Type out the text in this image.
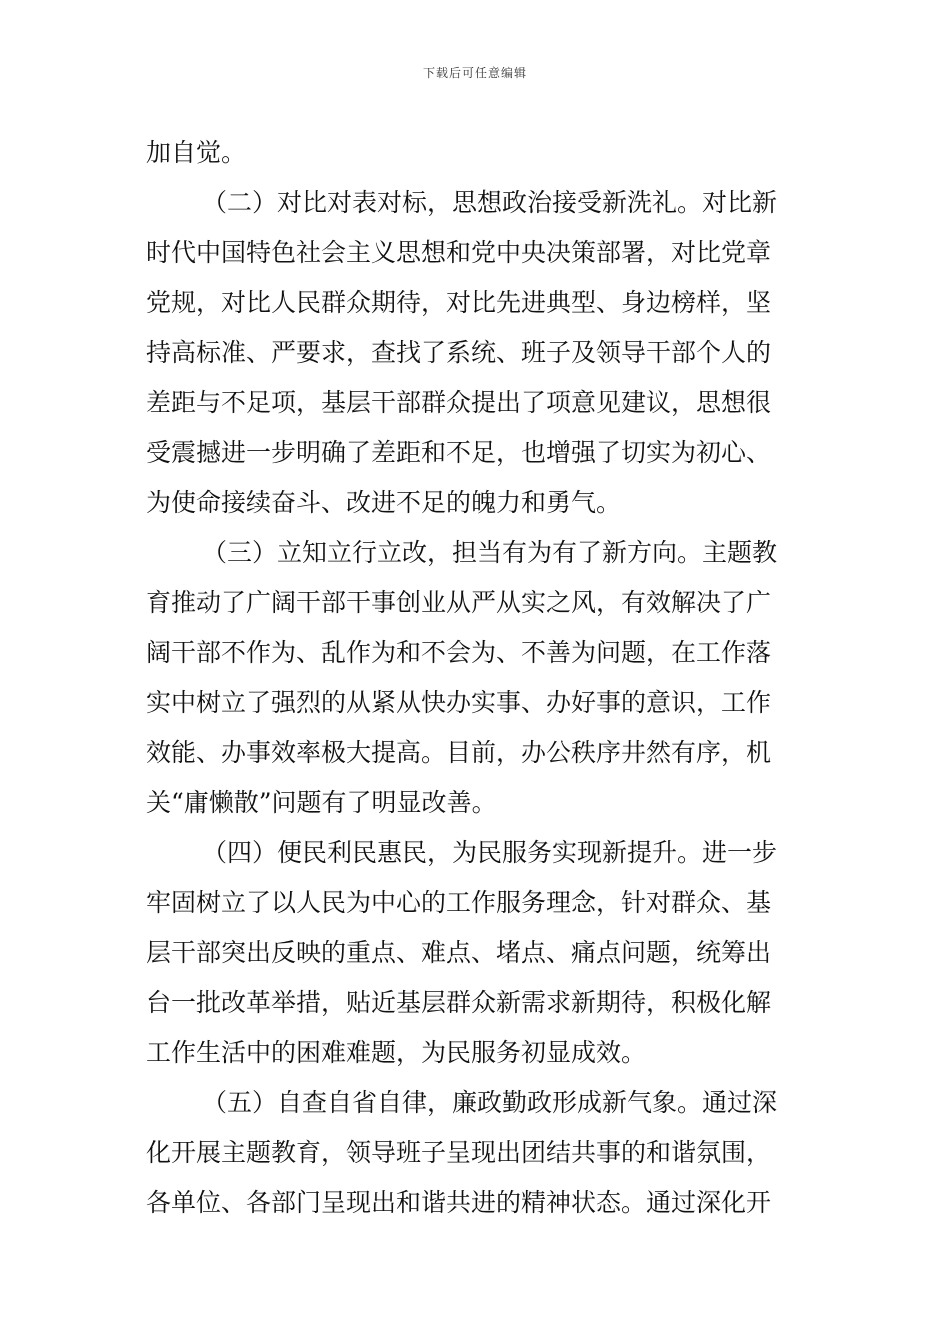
下载后可任意编辑
加自觉。
（二）对比对表对标，思想政治接受新洗礼。对比新
时代中国特色社会主义思想和党中央决策部署，对比党章
党规，对比人民群众期待，对比先进典型、身边榜样，坚
持高标准、严要求，查找了系统、班子及领导干部个人的
差距与不足项，基层干部群众提出了项意见建议，思想很
受震撼进一步明确了差距和不足，也增强了切实为初心、
为使命接续奋斗、改进不足的魄力和勇气。
（三）立知立行立改，担当有为有了新方向。主题教
育推动了广阔干部干事创业从严从实之风，有效解决了广
阔干部不作为、乱作为和不会为、不善为问题，在工作落
实中树立了强烈的从紧从快办实事、办好事的意识，工作
效能、办事效率极大提高。目前，办公秩序井然有序，机
关“庸懒散”问题有了明显改善。
（四）便民利民惠民，为民服务实现新提升。进一步
牢固树立了以人民为中心的工作服务理念，针对群众、基
层干部突出反映的重点、难点、堵点、痛点问题，统筹出
台一批改革举措，贴近基层群众新需求新期待，积极化解
工作生活中的困难难题，为民服务初显成效。
（五）自查自省自律，廉政勤政形成新气象。通过深
化开展主题教育，领导班子呈现出团结共事的和谐氛围，
各单位、各部门呈现出和谐共进的精神状态。通过深化开
